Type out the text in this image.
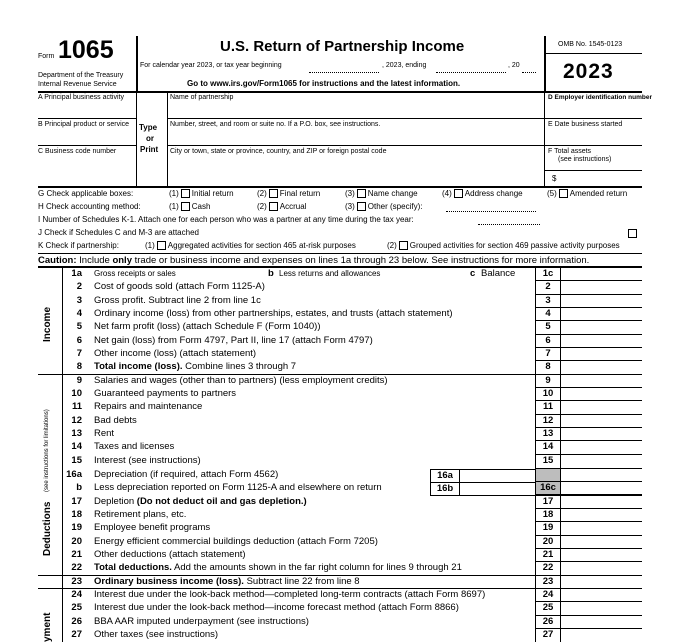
Form 1065
Department of the Treasury
Internal Revenue Service
U.S. Return of Partnership Income
For calendar year 2023, or tax year beginning	, 2023, ending	, 20
Go to www.irs.gov/Form1065 for instructions and the latest information.
OMB No. 1545-0123
2023
A Principal business activity
B Principal product or service
C Business code number
Type
or
Print
Name of partnership
Number, street, and room or suite no. If a P.O. box, see instructions.
City or town, state or province, country, and ZIP or foreign postal code
D Employer identification number
E Date business started
F Total assets
(see instructions)
$
G Check applicable boxes:	(1) Initial return	(2) Final return	(3) Name change	(4) Address change	(5) Amended return
H Check accounting method:	(1) Cash	(2) Accrual	(3) Other (specify):
I Number of Schedules K-1. Attach one for each person who was a partner at any time during the tax year:
J Check if Schedules C and M-3 are attached
K Check if partnership:	(1) Aggregated activities for section 465 at-risk purposes	(2) Grouped activities for section 469 passive activity purposes
Caution: Include only trade or business income and expenses on lines 1a through 23 below. See instructions for more information.
Income
Deductions
(see instructions for limitations)
yment
1a Gross receipts or sales	b Less returns and allowances	c Balance	1c
2 Cost of goods sold (attach Form 1125-A)	2
3 Gross profit. Subtract line 2 from line 1c	3
4 Ordinary income (loss) from other partnerships, estates, and trusts (attach statement)	4
5 Net farm profit (loss) (attach Schedule F (Form 1040))	5
6 Net gain (loss) from Form 4797, Part II, line 17 (attach Form 4797)	6
7 Other income (loss) (attach statement)	7
8 Total income (loss). Combine lines 3 through 7	8
9 Salaries and wages (other than to partners) (less employment credits)	9
10 Guaranteed payments to partners	10
11 Repairs and maintenance	11
12 Bad debts	12
13 Rent	13
14 Taxes and licenses	14
15 Interest (see instructions)	15
17 Depletion (Do not deduct oil and gas depletion.)	17
18 Retirement plans, etc.	18
19 Employee benefit programs	19
20 Energy efficient commercial buildings deduction (attach Form 7205)	20
21 Other deductions (attach statement)	21
22 Total deductions. Add the amounts shown in the far right column for lines 9 through 21	22
23 Ordinary business income (loss). Subtract line 22 from line 8	23
24 Interest due under the look-back method—completed long-term contracts (attach Form 8697)	24
25 Interest due under the look-back method—income forecast method (attach Form 8866)	25
26 BBA AAR imputed underpayment (see instructions)	26
27 Other taxes (see instructions)	27
16a Depreciation (if required, attach Form 4562)	16a
b Less depreciation reported on Form 1125-A and elsewhere on return	16c
16b
